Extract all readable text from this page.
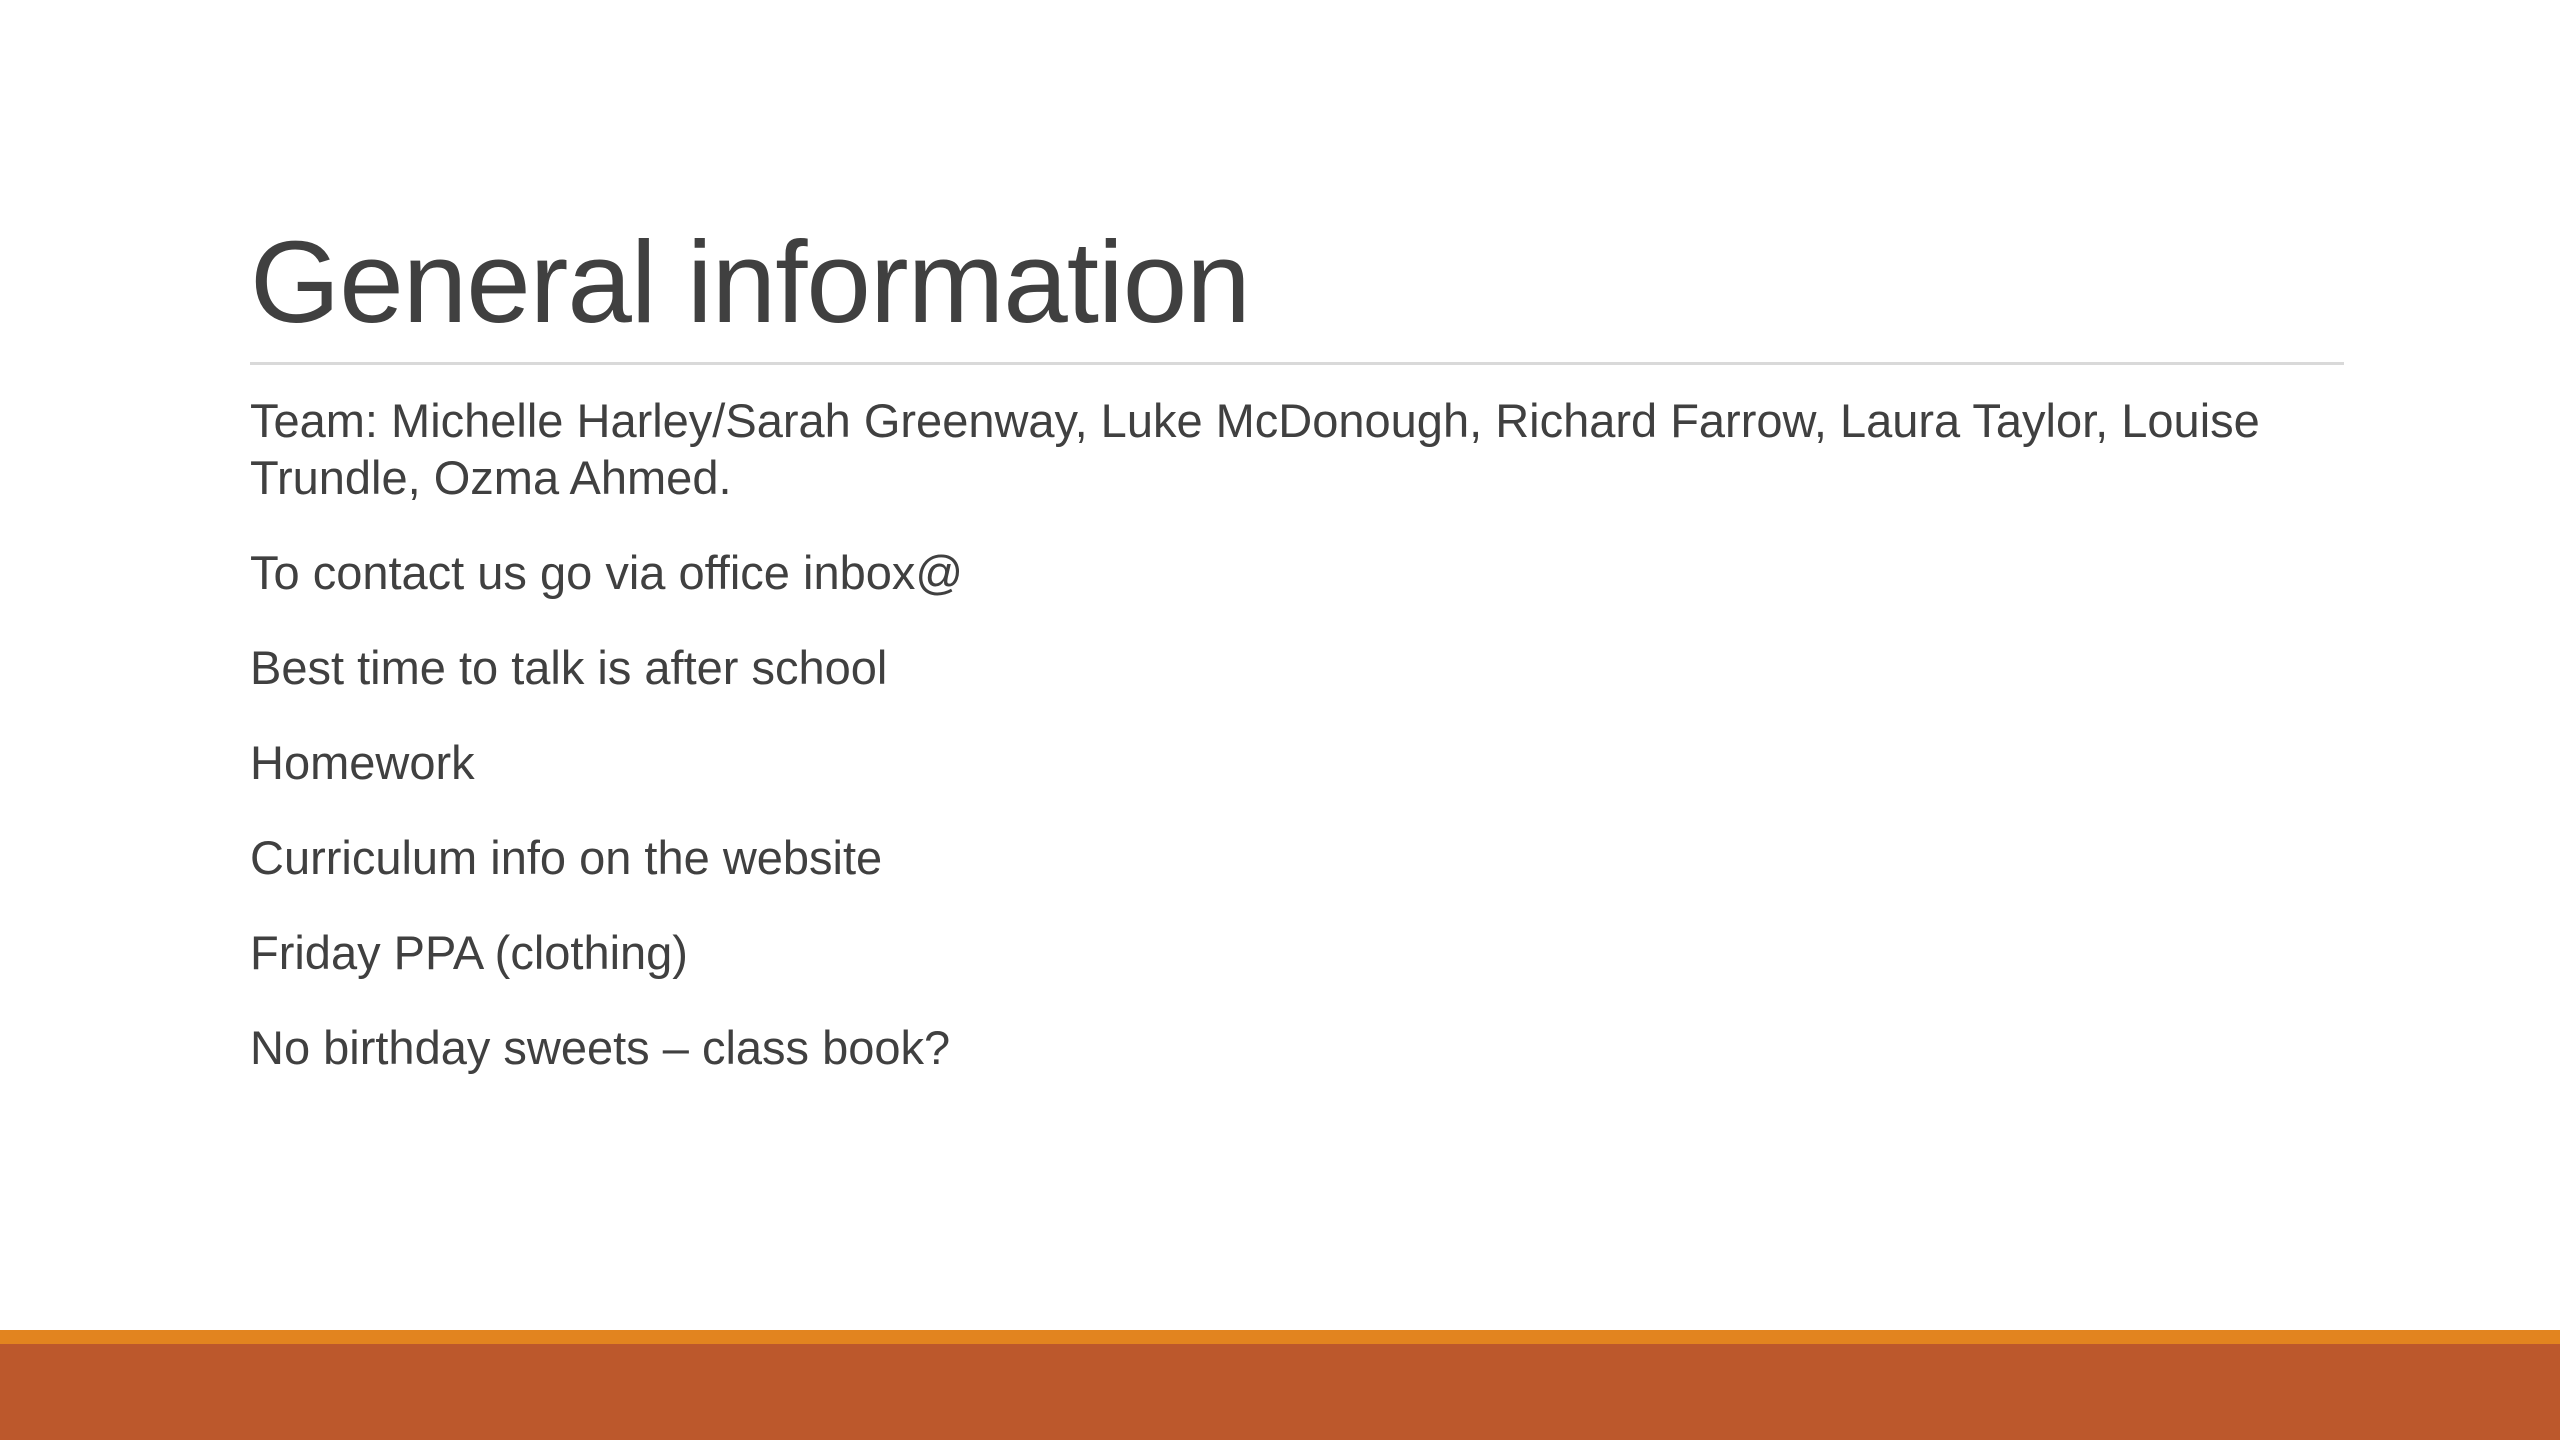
General information
Team: Michelle Harley/Sarah Greenway, Luke McDonough, Richard Farrow, Laura Taylor, Louise Trundle, Ozma Ahmed.
To contact us go via office inbox@
Best time to talk is after school
Homework
Curriculum info on the website
Friday PPA (clothing)
No birthday sweets – class book?
